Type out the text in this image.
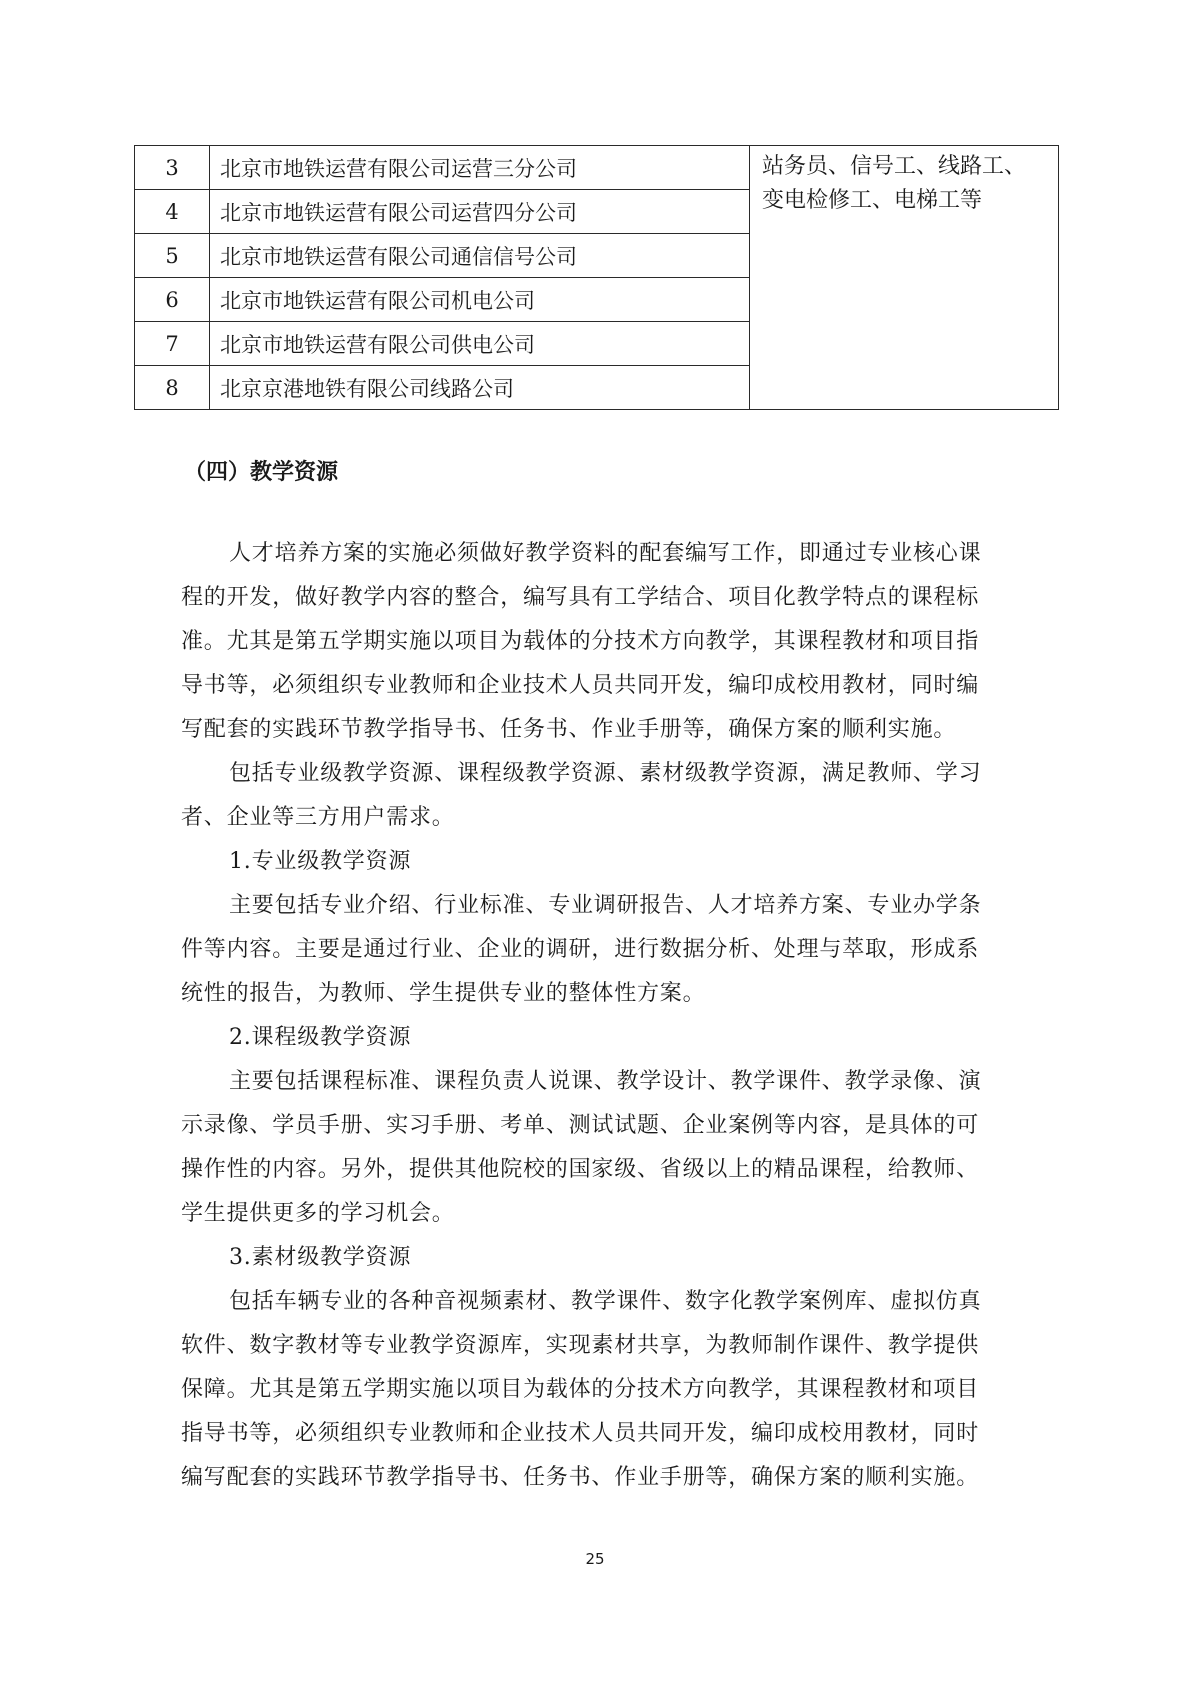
3	北京市地铁运营有限公司运营三分公司	站务员、信号工、线路工、
变电检修工、电梯工等

4	北京市地铁运营有限公司运营四分公司	
5	北京市地铁运营有限公司通信信号公司	
6	北京市地铁运营有限公司机电公司	
7	北京市地铁运营有限公司供电公司	
8	北京京港地铁有限公司线路公司	
（四）教学资源
人才培养方案的实施必须做好教学资料的配套编写工作，即通过专业核心课
程的开发，做好教学内容的整合，编写具有工学结合、项目化教学特点的课程标
准。尤其是第五学期实施以项目为载体的分技术方向教学，其课程教材和项目指
导书等，必须组织专业教师和企业技术人员共同开发，编印成校用教材，同时编
写配套的实践环节教学指导书、任务书、作业手册等，确保方案的顺利实施。
包括专业级教学资源、课程级教学资源、素材级教学资源，满足教师、学习
者、企业等三方用户需求。
1.专业级教学资源
主要包括专业介绍、行业标准、专业调研报告、人才培养方案、专业办学条
件等内容。主要是通过行业、企业的调研，进行数据分析、处理与萃取，形成系
统性的报告，为教师、学生提供专业的整体性方案。
2.课程级教学资源
主要包括课程标准、课程负责人说课、教学设计、教学课件、教学录像、演
示录像、学员手册、实习手册、考单、测试试题、企业案例等内容，是具体的可
操作性的内容。另外，提供其他院校的国家级、省级以上的精品课程，给教师、
学生提供更多的学习机会。
3.素材级教学资源
包括车辆专业的各种音视频素材、教学课件、数字化教学案例库、虚拟仿真
软件、数字教材等专业教学资源库，实现素材共享，为教师制作课件、教学提供
保障。尤其是第五学期实施以项目为载体的分技术方向教学，其课程教材和项目
指导书等，必须组织专业教师和企业技术人员共同开发，编印成校用教材，同时
编写配套的实践环节教学指导书、任务书、作业手册等，确保方案的顺利实施。
25
